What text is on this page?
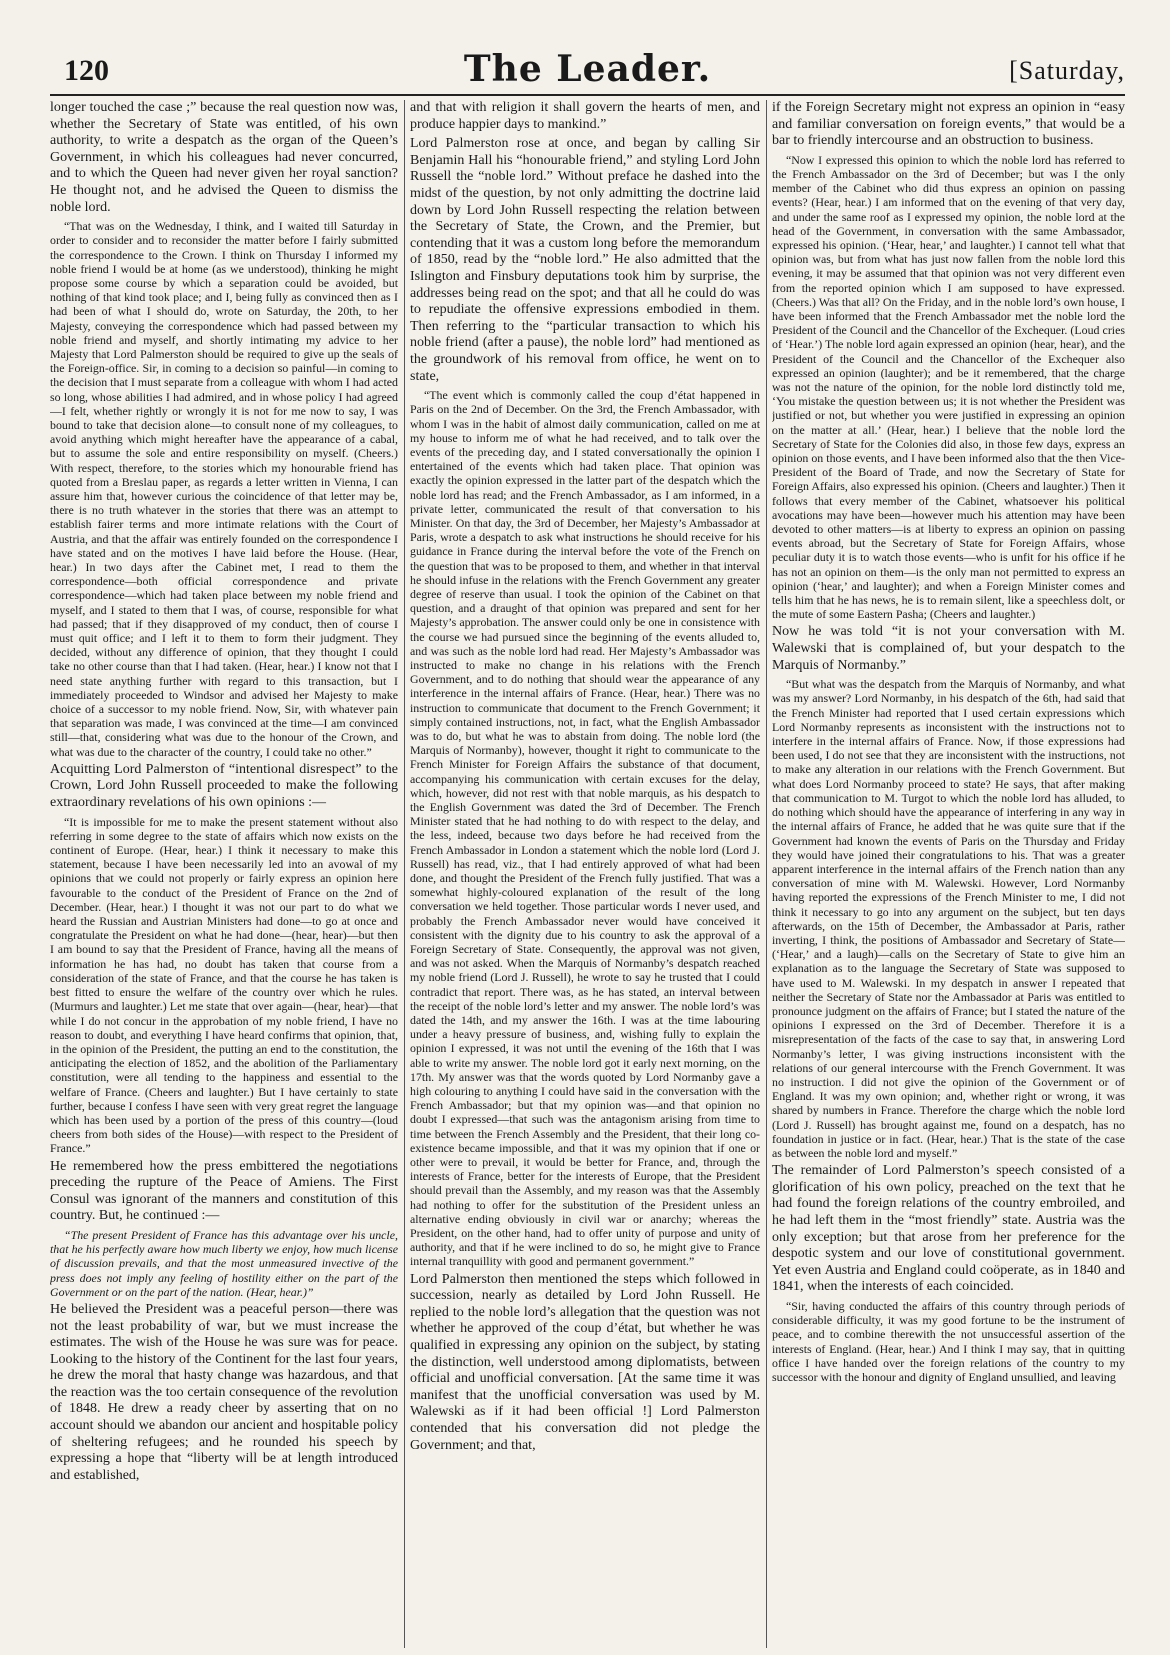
120	The Leader.	[Saturday,

longer touched the case ;” because the real question now was, whether the Secretary of State was entitled, of his own authority, to write a despatch as the organ of the Queen’s Government, in which his colleagues had never concurred, and to which the Queen had never given her royal sanction? He thought not, and he advised the Queen to dismiss the noble lord.

“That was on the Wednesday, I think, and I waited till Saturday in order to consider and to reconsider the matter before I fairly submitted the correspondence to the Crown. I think on Thursday I informed my noble friend I would be at home (as we understood), thinking he might propose some course by which a separation could be avoided, but nothing of that kind took place; and I, being fully as convinced then as I had been of what I should do, wrote on Saturday, the 20th, to her Majesty, conveying the correspondence which had passed between my noble friend and myself, and shortly intimating my advice to her Majesty that Lord Palmerston should be required to give up the seals of the Foreign-office. Sir, in coming to a decision so painful—in coming to the decision that I must separate from a colleague with whom I had acted so long, whose abilities I had admired, and in whose policy I had agreed—I felt, whether rightly or wrongly it is not for me now to say, I was bound to take that decision alone—to consult none of my colleagues, to avoid anything which might hereafter have the appearance of a cabal, but to assume the sole and entire responsibility on myself. (Cheers.) With respect, therefore, to the stories which my honourable friend has quoted from a Breslau paper, as regards a letter written in Vienna, I can assure him that, however curious the coincidence of that letter may be, there is no truth whatever in the stories that there was an attempt to establish fairer terms and more intimate relations with the Court of Austria, and that the affair was entirely founded on the correspondence I have stated and on the motives I have laid before the House. (Hear, hear.) In two days after the Cabinet met, I read to them the correspondence—both official correspondence and private correspondence—which had taken place between my noble friend and myself, and I stated to them that I was, of course, responsible for what had passed; that if they disapproved of my conduct, then of course I must quit office; and I left it to them to form their judgment. They decided, without any difference of opinion, that they thought I could take no other course than that I had taken. (Hear, hear.) I know not that I need state anything further with regard to this transaction, but I immediately proceeded to Windsor and advised her Majesty to make choice of a successor to my noble friend. Now, Sir, with whatever pain that separation was made, I was convinced at the time—I am convinced still—that, considering what was due to the honour of the Crown, and what was due to the character of the country, I could take no other.”

Acquitting Lord Palmerston of “intentional disrespect” to the Crown, Lord John Russell proceeded to make the following extraordinary revelations of his own opinions :—

“It is impossible for me to make the present statement without also referring in some degree to the state of affairs which now exists on the continent of Europe. (Hear, hear.) I think it necessary to make this statement, because I have been necessarily led into an avowal of my opinions that we could not properly or fairly express an opinion here favourable to the conduct of the President of France on the 2nd of December. (Hear, hear.) I thought it was not our part to do what we heard the Russian and Austrian Ministers had done—to go at once and congratulate the President on what he had done—(hear, hear)—but then I am bound to say that the President of France, having all the means of information he has had, no doubt has taken that course from a consideration of the state of France, and that the course he has taken is best fitted to ensure the welfare of the country over which he rules. (Murmurs and laughter.) Let me state that over again—(hear, hear)—that while I do not concur in the approbation of my noble friend, I have no reason to doubt, and everything I have heard confirms that opinion, that, in the opinion of the President, the putting an end to the constitution, the anticipating the election of 1852, and the abolition of the Parliamentary constitution, were all tending to the happiness and essential to the welfare of France. (Cheers and laughter.) But I have certainly to state further, because I confess I have seen with very great regret the language which has been used by a portion of the press of this country—(loud cheers from both sides of the House)—with respect to the President of France.”

He remembered how the press embittered the negotiations preceding the rupture of the Peace of Amiens. The First Consul was ignorant of the manners and constitution of this country. But, he continued :—

“The present President of France has this advantage over his uncle, that he his perfectly aware how much liberty we enjoy, how much license of discussion prevails, and that the most unmeasured invective of the press does not imply any feeling of hostility either on the part of the Government or on the part of the nation. (Hear, hear.)”

He believed the President was a peaceful person—there was not the least probability of war, but we must increase the estimates. The wish of the House he was sure was for peace. Looking to the history of the Continent for the last four years, he drew the moral that hasty change was hazardous, and that the reaction was the too certain consequence of the revolution of 1848. He drew a ready cheer by asserting that on no account should we abandon our ancient and hospitable policy of sheltering refugees; and he rounded his speech by expressing a hope that “liberty will be at length introduced and established,

and that with religion it shall govern the hearts of men, and produce happier days to mankind.”

Lord Palmerston rose at once, and began by calling Sir Benjamin Hall his “honourable friend,” and styling Lord John Russell the “noble lord.” Without preface he dashed into the midst of the question, by not only admitting the doctrine laid down by Lord John Russell respecting the relation between the Secretary of State, the Crown, and the Premier, but contending that it was a custom long before the memorandum of 1850, read by the “noble lord.” He also admitted that the Islington and Finsbury deputations took him by surprise, the addresses being read on the spot; and that all he could do was to repudiate the offensive expressions embodied in them. Then referring to the “particular transaction to which his noble friend (after a pause), the noble lord” had mentioned as the groundwork of his removal from office, he went on to state,

“The event which is commonly called the coup d’état happened in Paris on the 2nd of December. On the 3rd, the French Ambassador, with whom I was in the habit of almost daily communication, called on me at my house to inform me of what he had received, and to talk over the events of the preceding day, and I stated conversationally the opinion I entertained of the events which had taken place. That opinion was exactly the opinion expressed in the latter part of the despatch which the noble lord has read; and the French Ambassador, as I am informed, in a private letter, communicated the result of that conversation to his Minister. On that day, the 3rd of December, her Majesty’s Ambassador at Paris, wrote a despatch to ask what instructions he should receive for his guidance in France during the interval before the vote of the French on the question that was to be proposed to them, and whether in that interval he should infuse in the relations with the French Government any greater degree of reserve than usual. I took the opinion of the Cabinet on that question, and a draught of that opinion was prepared and sent for her Majesty’s approbation. The answer could only be one in consistence with the course we had pursued since the beginning of the events alluded to, and was such as the noble lord had read. Her Majesty’s Ambassador was instructed to make no change in his relations with the French Government, and to do nothing that should wear the appearance of any interference in the internal affairs of France. (Hear, hear.) There was no instruction to communicate that document to the French Government; it simply contained instructions, not, in fact, what the English Ambassador was to do, but what he was to abstain from doing. The noble lord (the Marquis of Normanby), however, thought it right to communicate to the French Minister for Foreign Affairs the substance of that document, accompanying his communication with certain excuses for the delay, which, however, did not rest with that noble marquis, as his despatch to the English Government was dated the 3rd of December. The French Minister stated that he had nothing to do with respect to the delay, and the less, indeed, because two days before he had received from the French Ambassador in London a statement which the noble lord (Lord J. Russell) has read, viz., that I had entirely approved of what had been done, and thought the President of the French fully justified. That was a somewhat highly-coloured explanation of the result of the long conversation we held together. Those particular words I never used, and probably the French Ambassador never would have conceived it consistent with the dignity due to his country to ask the approval of a Foreign Secretary of State. Consequently, the approval was not given, and was not asked. When the Marquis of Normanby’s despatch reached my noble friend (Lord J. Russell), he wrote to say he trusted that I could contradict that report. There was, as he has stated, an interval between the receipt of the noble lord’s letter and my answer. The noble lord’s was dated the 14th, and my answer the 16th. I was at the time labouring under a heavy pressure of business, and, wishing fully to explain the opinion I expressed, it was not until the evening of the 16th that I was able to write my answer. The noble lord got it early next morning, on the 17th. My answer was that the words quoted by Lord Normanby gave a high colouring to anything I could have said in the conversation with the French Ambassador; but that my opinion was—and that opinion no doubt I expressed—that such was the antagonism arising from time to time between the French Assembly and the President, that their long co-existence became impossible, and that it was my opinion that if one or other were to prevail, it would be better for France, and, through the interests of France, better for the interests of Europe, that the President should prevail than the Assembly, and my reason was that the Assembly had nothing to offer for the substitution of the President unless an alternative ending obviously in civil war or anarchy; whereas the President, on the other hand, had to offer unity of purpose and unity of authority, and that if he were inclined to do so, he might give to France internal tranquillity with good and permanent government.”

Lord Palmerston then mentioned the steps which followed in succession, nearly as detailed by Lord John Russell. He replied to the noble lord’s allegation that the question was not whether he approved of the coup d’état, but whether he was qualified in expressing any opinion on the subject, by stating the distinction, well understood among diplomatists, between official and unofficial conversation. [At the same time it was manifest that the unofficial conversation was used by M. Walewski as if it had been official !] Lord Palmerston contended that his conversation did not pledge the Government; and that,

if the Foreign Secretary might not express an opinion in “easy and familiar conversation on foreign events,” that would be a bar to friendly intercourse and an obstruction to business.

“Now I expressed this opinion to which the noble lord has referred to the French Ambassador on the 3rd of December; but was I the only member of the Cabinet who did thus express an opinion on passing events? (Hear, hear.) I am informed that on the evening of that very day, and under the same roof as I expressed my opinion, the noble lord at the head of the Government, in conversation with the same Ambassador, expressed his opinion. (‘Hear, hear,’ and laughter.) I cannot tell what that opinion was, but from what has just now fallen from the noble lord this evening, it may be assumed that that opinion was not very different even from the reported opinion which I am supposed to have expressed. (Cheers.) Was that all? On the Friday, and in the noble lord’s own house, I have been informed that the French Ambassador met the noble lord the President of the Council and the Chancellor of the Exchequer. (Loud cries of ‘Hear.’) The noble lord again expressed an opinion (hear, hear), and the President of the Council and the Chancellor of the Exchequer also expressed an opinion (laughter); and be it remembered, that the charge was not the nature of the opinion, for the noble lord distinctly told me, ‘You mistake the question between us; it is not whether the President was justified or not, but whether you were justified in expressing an opinion on the matter at all.’ (Hear, hear.) I believe that the noble lord the Secretary of State for the Colonies did also, in those few days, express an opinion on those events, and I have been informed also that the then Vice-President of the Board of Trade, and now the Secretary of State for Foreign Affairs, also expressed his opinion. (Cheers and laughter.) Then it follows that every member of the Cabinet, whatsoever his political avocations may have been—however much his attention may have been devoted to other matters—is at liberty to express an opinion on passing events abroad, but the Secretary of State for Foreign Affairs, whose peculiar duty it is to watch those events—who is unfit for his office if he has not an opinion on them—is the only man not permitted to express an opinion (‘hear,’ and laughter); and when a Foreign Minister comes and tells him that he has news, he is to remain silent, like a speechless dolt, or the mute of some Eastern Pasha; (Cheers and laughter.)

Now he was told “it is not your conversation with M. Walewski that is complained of, but your despatch to the Marquis of Normanby.”

“But what was the despatch from the Marquis of Normanby, and what was my answer? Lord Normanby, in his despatch of the 6th, had said that the French Minister had reported that I used certain expressions which Lord Normanby represents as inconsistent with the instructions not to interfere in the internal affairs of France. Now, if those expressions had been used, I do not see that they are inconsistent with the instructions, not to make any alteration in our relations with the French Government. But what does Lord Normanby proceed to state? He says, that after making that communication to M. Turgot to which the noble lord has alluded, to do nothing which should have the appearance of interfering in any way in the internal affairs of France, he added that he was quite sure that if the Government had known the events of Paris on the Thursday and Friday they would have joined their congratulations to his. That was a greater apparent interference in the internal affairs of the French nation than any conversation of mine with M. Walewski. However, Lord Normanby having reported the expressions of the French Minister to me, I did not think it necessary to go into any argument on the subject, but ten days afterwards, on the 15th of December, the Ambassador at Paris, rather inverting, I think, the positions of Ambassador and Secretary of State—(‘Hear,’ and a laugh)—calls on the Secretary of State to give him an explanation as to the language the Secretary of State was supposed to have used to M. Walewski. In my despatch in answer I repeated that neither the Secretary of State nor the Ambassador at Paris was entitled to pronounce judgment on the affairs of France; but I stated the nature of the opinions I expressed on the 3rd of December. Therefore it is a misrepresentation of the facts of the case to say that, in answering Lord Normanby’s letter, I was giving instructions inconsistent with the relations of our general intercourse with the French Government. It was no instruction. I did not give the opinion of the Government or of England. It was my own opinion; and, whether right or wrong, it was shared by numbers in France. Therefore the charge which the noble lord (Lord J. Russell) has brought against me, found on a despatch, has no foundation in justice or in fact. (Hear, hear.) That is the state of the case as between the noble lord and myself.”

The remainder of Lord Palmerston’s speech consisted of a glorification of his own policy, preached on the text that he had found the foreign relations of the country embroiled, and he had left them in the “most friendly” state. Austria was the only exception; but that arose from her preference for the despotic system and our love of constitutional government. Yet even Austria and England could coöperate, as in 1840 and 1841, when the interests of each coincided.

“Sir, having conducted the affairs of this country through periods of considerable difficulty, it was my good fortune to be the instrument of peace, and to combine therewith the not unsuccessful assertion of the interests of England. (Hear, hear.) And I think I may say, that in quitting office I have handed over the foreign relations of the country to my successor with the honour and dignity of England unsullied, and leaving
